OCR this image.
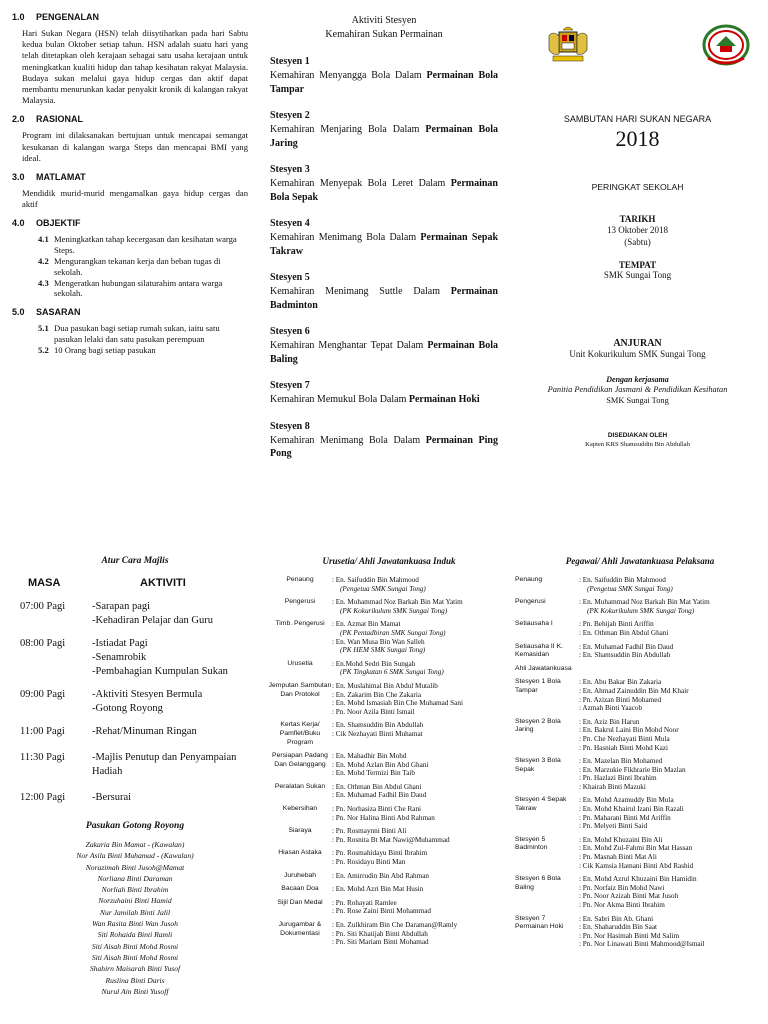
1.0	PENGENALAN
Hari Sukan Negara (HSN) telah diisytiharkan pada hari Sabtu kedua bulan Oktober setiap tahun. HSN adalah suatu hari yang telah ditetapkan oleh kerajaan sebagai satu usaha kerajaan untuk meningkatkan kualiti hidup dan tahap kesihatan rakyat Malaysia. Budaya sukan melalui gaya hidup cergas dan aktif dapat membantu menurunkan kadar penyakit kronik di kalangan rakyat Malaysia.
2.0	RASIONAL
Program ini dilaksanakan bertujuan untuk mencapai semangat kesukanan di kalangan warga Steps dan mencapai BMI yang ideal.
3.0	MATLAMAT
Mendidik murid-murid mengamalkan gaya hidup cergas dan aktif
4.0	OBJEKTIF
4.1 Meningkatkan tahap kecergasan dan kesihatan warga Steps.
4.2 Mengurangkan tekanan kerja dan beban tugas di sekolah.
4.3 Mengeratkan hubungan silaturahim antara warga sekolah.
5.0	SASARAN
5.1 Dua pasukan bagi setiap rumah sukan, iaitu satu pasukan lelaki dan satu pasukan perempuan
5.2 10 Orang bagi setiap pasukan
Aktiviti Stesyen
Kemahiran Sukan Permainan
Stesyen 1
Kemahiran Menyangga Bola Dalam Permainan Bola Tampar
Stesyen 2
Kemahiran Menjaring Bola Dalam Permainan Bola Jaring
Stesyen 3
Kemahiran Menyepak Bola Leret Dalam Permainan Bola Sepak
Stesyen 4
Kemahiran Menimang Bola Dalam Permainan Sepak Takraw
Stesyen 5
Kemahiran Menimang Suttle Dalam Permainan Badminton
Stesyen 6
Kemahiran Menghantar Tepat Dalam Permainan Bola Baling
Stesyen 7
Kemahiran Memukul Bola Dalam Permainan Hoki
Stesyen 8
Kemahiran Menimang Bola Dalam Permainan Ping Pong
SAMBUTAN HARI SUKAN NEGARA
2018
PERINGKAT SEKOLAH
TARIKH
13 Oktober 2018
(Sabtu)
TEMPAT
SMK Sungai Tong
ANJURAN
Unit Kokurikulum SMK Sungai Tong
Dengan kerjasama
Panitia Pendidikan Jasmani & Pendidikan Kesihatan
SMK Sungai Tong
DISEDIAKAN OLEH
Kapten KRS Shamsuddin Bin Abdullah
Atur Cara Majlis
MASA	AKTIVITI
07:00 Pagi	-Sarapan pagi
-Kehadiran Pelajar dan Guru
08:00 Pagi	-Istiadat Pagi
-Senamrobik
-Pembahagian Kumpulan Sukan
09:00 Pagi	-Aktiviti Stesyen Bermula
-Gotong Royong
11:00 Pagi	-Rehat/Minuman Ringan
11:30 Pagi	-Majlis Penutup dan Penyampaian Hadiah
12:00 Pagi	-Bersurai
Pasukan Gotong Royong
Zakaria Bin Mamat - (Kawalan)
Nor Asila Binti Muhamad - (Kawalan)
Norazimah Binti Jusoh@Mamat
Norliana Binti Daraman
Norliah Binti Ibrahim
Norzuhaini Binti Hamid
Nur Jamilah Binti Jalil
Wan Rasita Binti Wan Jusoh
Siti Rohaida Binti Ramli
Siti Aisah Binti Mohd Rosmi
Siti Aisah Binti Mohd Rosmi
Shahirn Maisarah Binti Yusof
Ruslina Binti Daris
Nurul Ain Binti Yusoff
Urusetia/ Ahli Jawatankuasa Induk
Penaung	: En. Saifuddin Bin Mahmood
(Pengetua SMK Sungai Tong)
Pengerusi	: En. Muhammad Noz Barkah Bin Mat Yatim
(PK Kokurikulum SMK Sungai Tong)
Timb. Pengerusi	: En. Azmat Bin Mamat
(PK Pentadbiran SMK Sungai Tong)
: En. Wan Musa Bin Wan Salleh
(PK HEM SMK Sungai Tong)
Urusetia	: En.Mohd Sedri Bin Sungah
(PK Tingkatan 6 SMK Sungai Tong)
Jemputan Sambutan Dan Protokol
: En. Muslahimal Bin Abdul Mutalib
: En. Zakarim Bin Che Zakaria
: En. Mohd Ismasiah Bin Che Muhamad Sani
: Pn. Noor Azila Binti Ismail
Kertas Kerja/ Pamflet/Buku Program
: En. Shamsuddin Bin Abdullah
: Cik Nezhayati Binti Muhamat
Persiapan Padang Dan Gelanggang
: En. Mahadhir Bin Mohd
: En. Mohd Azlan Bin Abd Ghani
: En. Mohd Termizi Bin Taib
Peralatan Sukan : En. Othman Bin Abdul Ghani
: En. Muhamad Fadhil Bin Daud
Kebersihan	: Pn. Norhasiza Binti Che Rani
: Pn. Nor Halina Binti Abd Rahman
Siaraya	: Pn. Rosmaynni Binti Ali
: Pn. Rosnita Bt Mat Nawi@Muhammad
Hiasan Astaka	: Pn. Rosmahidayu Binti Ibrahim
: Pn. Rosidayu Binti Man
Juruhebah	: En. Amirrudin Bin Abd Rahman
Bacaan Doa	: En. Mohd Azri Bin Mat Husin
Sijil Dan Medal	: Pn. Rohayati Ramlee
: Pn. Rose Zaini Binti Mohammad
Jurugambar & Dokumentasi
: En. Zulkhiram Bin Che Daraman@Ramly
: Pn. Siti Khatijah Binti Abdullah
: Pn. Siti Mariam Binti Mohamad
Pegawai/ Ahli Jawatankuasa Pelaksana
Penaung	: En. Saifuddin Bin Mahmood
(Pengetua SMK Sungai Tong)
Pengerusi	: En. Muhammad Noz Barkah Bin Mat Yatim
(PK Kokurikulum SMK Sungai Tong)
Setiausaha I	: Pn. Behijah Binti Ariffin
: En. Othman Bin Abdul Ghani
Setiausaha II K. Kemasidan
: En. Muhamad Fadhil Bin Daud
: En. Shamsuddin Bin Abdullah
Ahli Jawatankuasa
Stesyen 1 Bola Tampar
: En. Abu Bakar Bin Zakaria
: En. Ahmad Zainuddin Bin Md Khair
: Pn. Azizan Binti Mohamed
: Azmah Binti Yaacob
Stesyen 2 Bola Jaring
: En. Aziz Bin Harun
: En. Bakrul Laini Bin Mohd Noor
: Pn. Che Nezhayati Binti Mula
: Pn. Hasniah Binti Mohd Kazi
Stesyen 3 Bola Sepak
: En. Mazelan Bin Mohamed
: En. Marzukie Fikhrarie Bin Mazlan
: Pn. Hazlazi Binti Ibrahim
: Khairah Binti Mazuki
Stesyen 4 Sepak Takraw
: En. Mohd Azamuddy Bin Mula
: En. Mohd Khairul Izani Bin Razali
: Pn. Maharani Binti Md Ariffin
: Pn. Melyeti Binti Said
Stesyen 5 Badminton
: En. Mohd Khuzaini Bin Ali
: En. Mohd Zul-Fahmi Bin Mat Hassan
: Pn. Masnah Binti Mat Ali
: Cik Kamsia Hamani Binti Abd Rashid
Stesyen 6 Bola Baling
: En. Mohd Azrul Khuzaini Bin Hamidin
: Pn. Norfaiz Bin Mohd Nawi
: Pn. Noor Azizah Binti Mat Jusoh
: Pn. Nor Akma Binti Ibrahim
Stesyen 7 Permainan Hoki
: En. Sabri Bin Ab. Ghani
: En. Shaharuddin Bin Saat
: Pn. Nor Hasimah Binti Md Salim
: Pn. Nor Linawati Binti Mahmood@Ismail
